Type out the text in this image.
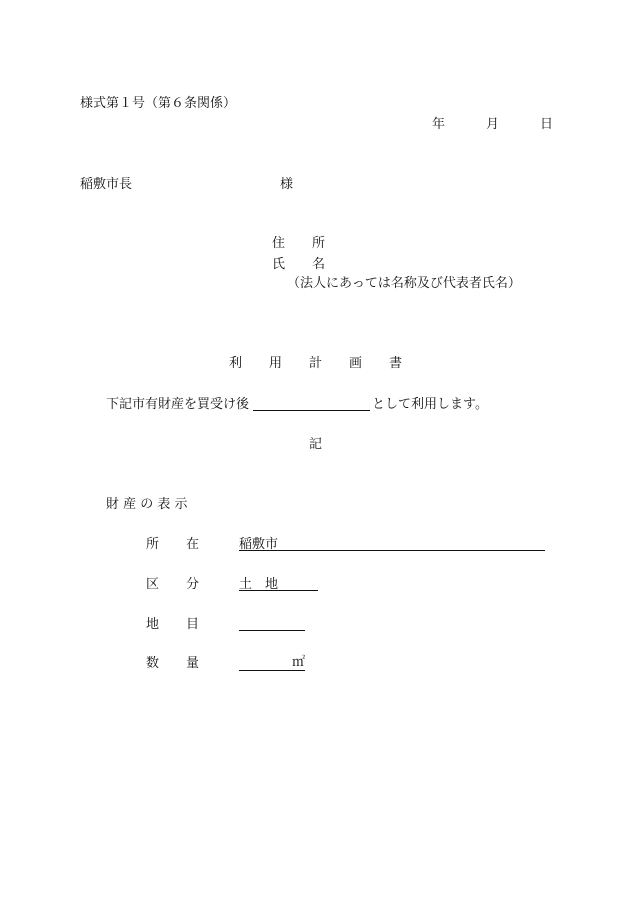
様式第１号（第６条関係）
年	月	日
稲敷市長	様
住 所
氏 名
（法人にあっては名称及び代表者氏名）
利 用 計 画 書
下記市有財産を買受け後	として利用します。
記
財 産 の 表 示
所 在	稲敷市
区 分	土　地
地 目
数 量	㎡
